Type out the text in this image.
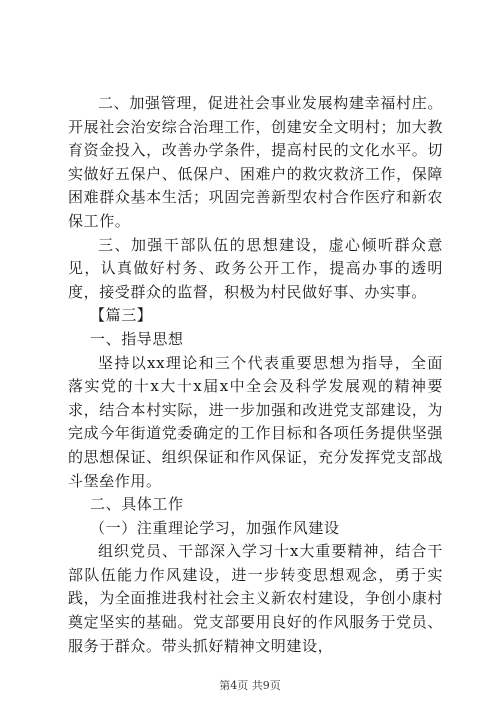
二、加强管理，促进社会事业发展构建幸福村庄。开展社会治安综合治理工作，创建安全文明村；加大教育资金投入，改善办学条件，提高村民的文化水平。切实做好五保户、低保户、困难户的救灾救济工作，保障困难群众基本生活；巩固完善新型农村合作医疗和新农保工作。

三、加强干部队伍的思想建设，虚心倾听群众意见，认真做好村务、政务公开工作，提高办事的透明度，接受群众的监督，积极为村民做好事、办实事。

【篇三】

一、指导思想

坚持以xx理论和三个代表重要思想为指导，全面落实党的十x大十x届x中全会及科学发展观的精神要求，结合本村实际，进一步加强和改进党支部建设，为完成今年街道党委确定的工作目标和各项任务提供坚强的思想保证、组织保证和作风保证，充分发挥党支部战斗堡垒作用。

二、具体工作

（一）注重理论学习，加强作风建设

组织党员、干部深入学习十x大重要精神，结合干部队伍能力作风建设，进一步转变思想观念，勇于实践，为全面推进我村社会主义新农村建设，争创小康村奠定坚实的基础。党支部要用良好的作风服务于党员、服务于群众。带头抓好精神文明建设，

第4页 共9页
